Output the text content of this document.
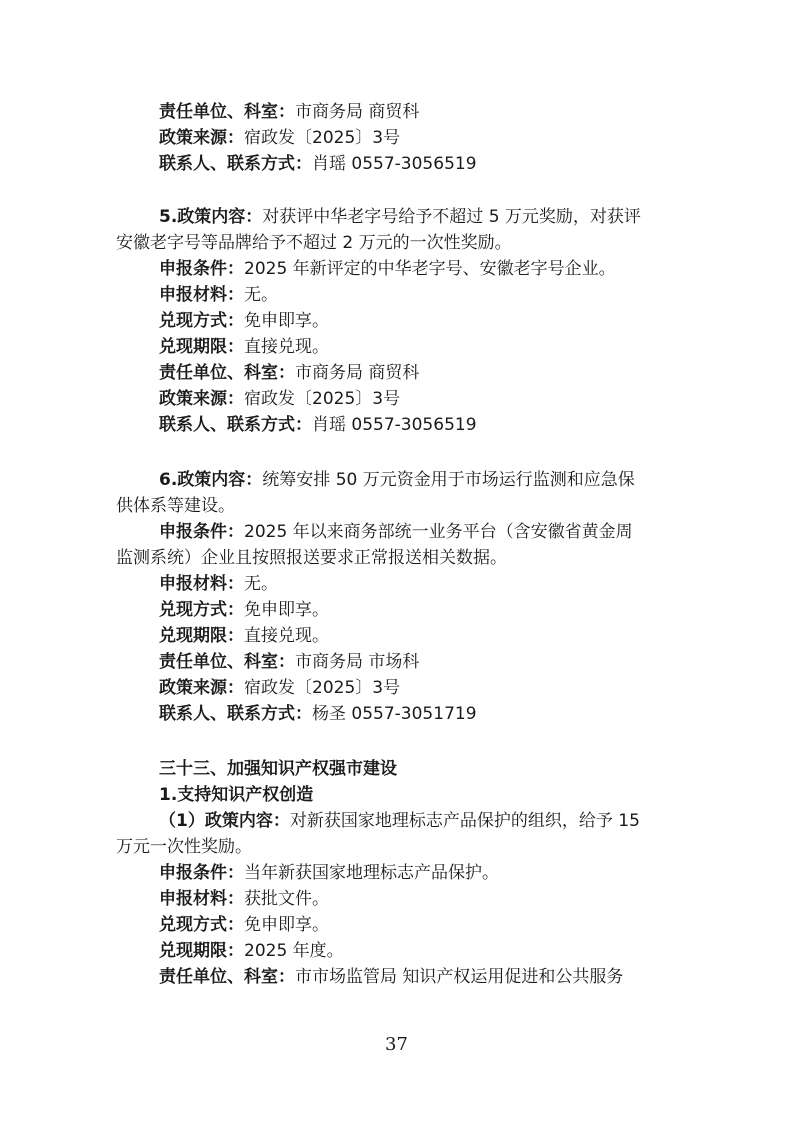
责任单位、科室：市商务局 商贸科
政策来源：宿政发〔2025〕3号
联系人、联系方式：肖瑶 0557-3056519
5.政策内容：对获评中华老字号给予不超过 5 万元奖励，对获评
安徽老字号等品牌给予不超过 2 万元的一次性奖励。
申报条件：2025 年新评定的中华老字号、安徽老字号企业。
申报材料：无。
兑现方式：免申即享。
兑现期限：直接兑现。
责任单位、科室：市商务局 商贸科
政策来源：宿政发〔2025〕3号
联系人、联系方式：肖瑶 0557-3056519
6.政策内容：统筹安排 50 万元资金用于市场运行监测和应急保
供体系等建设。
申报条件：2025 年以来商务部统一业务平台（含安徽省黄金周
监测系统）企业且按照报送要求正常报送相关数据。
申报材料：无。
兑现方式：免申即享。
兑现期限：直接兑现。
责任单位、科室：市商务局 市场科
政策来源：宿政发〔2025〕3号
联系人、联系方式：杨圣 0557-3051719
三十三、加强知识产权强市建设
1.支持知识产权创造
（1）政策内容：对新获国家地理标志产品保护的组织，给予 15
万元一次性奖励。
申报条件：当年新获国家地理标志产品保护。
申报材料：获批文件。
兑现方式：免申即享。
兑现期限：2025 年度。
责任单位、科室：市市场监管局 知识产权运用促进和公共服务
37
